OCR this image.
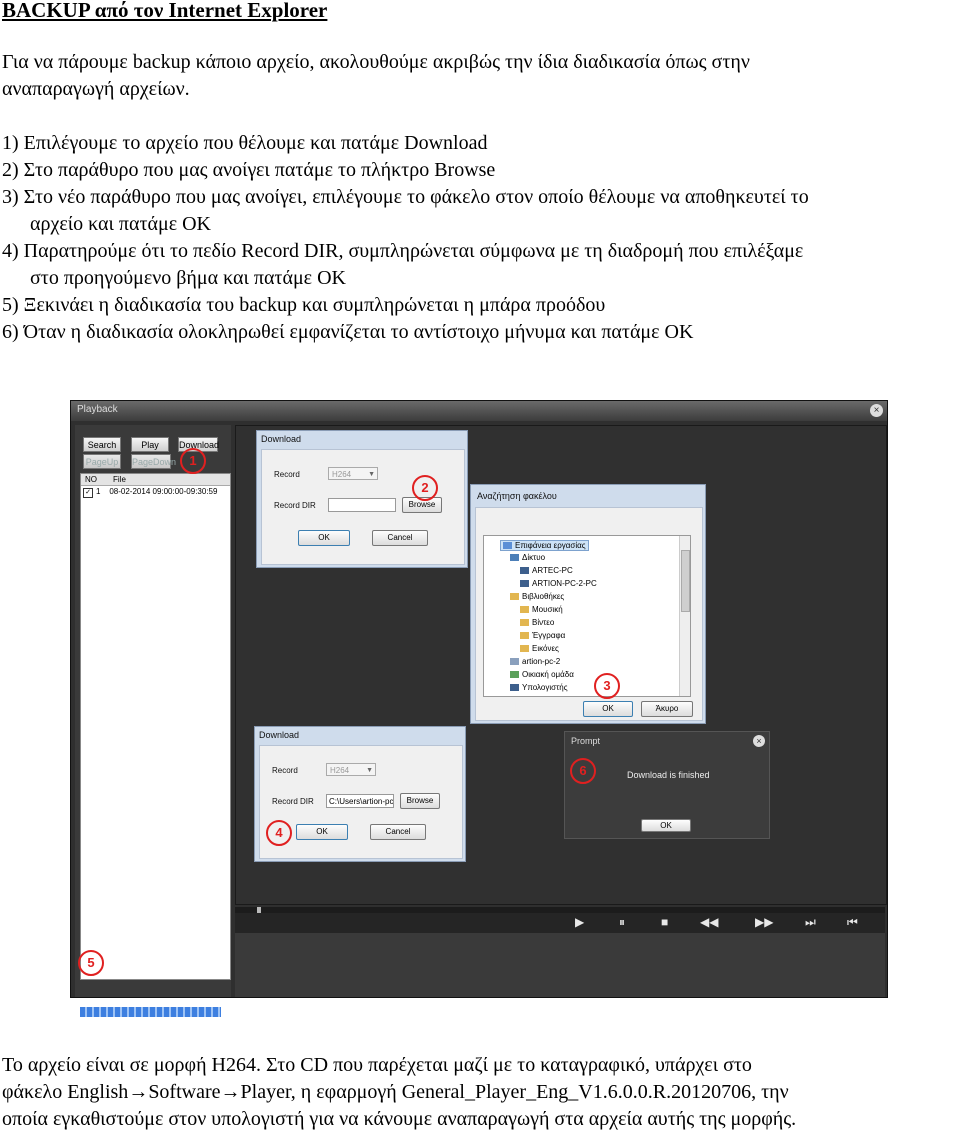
BACKUP από τον Internet Explorer
Για να πάρουμε backup κάποιο αρχείο, ακολουθούμε ακριβώς την ίδια διαδικασία όπως στην
αναπαραγωγή αρχείων.
1) Επιλέγουμε το αρχείο που θέλουμε και πατάμε Download
2) Στο παράθυρο που μας ανοίγει πατάμε το πλήκτρο Browse
3) Στο νέο παράθυρο που μας ανοίγει, επιλέγουμε το φάκελο στον οποίο θέλουμε να αποθηκευτεί το
αρχείο και πατάμε ΟΚ
4) Παρατηρούμε ότι το πεδίο Record DIR, συμπληρώνεται σύμφωνα με τη διαδρομή που επιλέξαμε
στο προηγούμενο βήμα και πατάμε ΟΚ
5) Ξεκινάει η διαδικασία του backup και συμπληρώνεται η μπάρα προόδου
6) Όταν η διαδικασία ολοκληρωθεί εμφανίζεται το αντίστοιχο μήνυμα και πατάμε ΟΚ
Playback	×
Search	Play	Download
PageUp	PageDown
NO File
✓ 1 08-02-2014 09:00:00-09:30:59
▶	⏸	■	◀◀	▶▶	⏭	⏮
Download
Record	H264 ▼
Record DIR	Browse
OK	Cancel
Αναζήτηση φακέλου
Επιφάνεια εργασίας
Δίκτυο
ARTEC-PC
ARTION-PC-2-PC
Βιβλιοθήκες
Μουσική
Βίντεο
Έγγραφα
Εικόνες
artion-pc-2
Οικιακή ομάδα
Υπολογιστής
OK	Άκυρο
Download
Record	H264 ▼
Record DIR	C:\Users\artion-pc	Browse
OK	Cancel
Prompt	×
Download is finished
OK
1
2
3
4
5
6
Το αρχείο είναι σε μορφή H264. Στο CD που παρέχεται μαζί με το καταγραφικό, υπάρχει στο
φάκελο English→Software→Player, η εφαρμογή General_Player_Eng_V1.6.0.0.R.20120706, την
οποία εγκαθιστούμε στον υπολογιστή για να κάνουμε αναπαραγωγή στα αρχεία αυτής της μορφής.
